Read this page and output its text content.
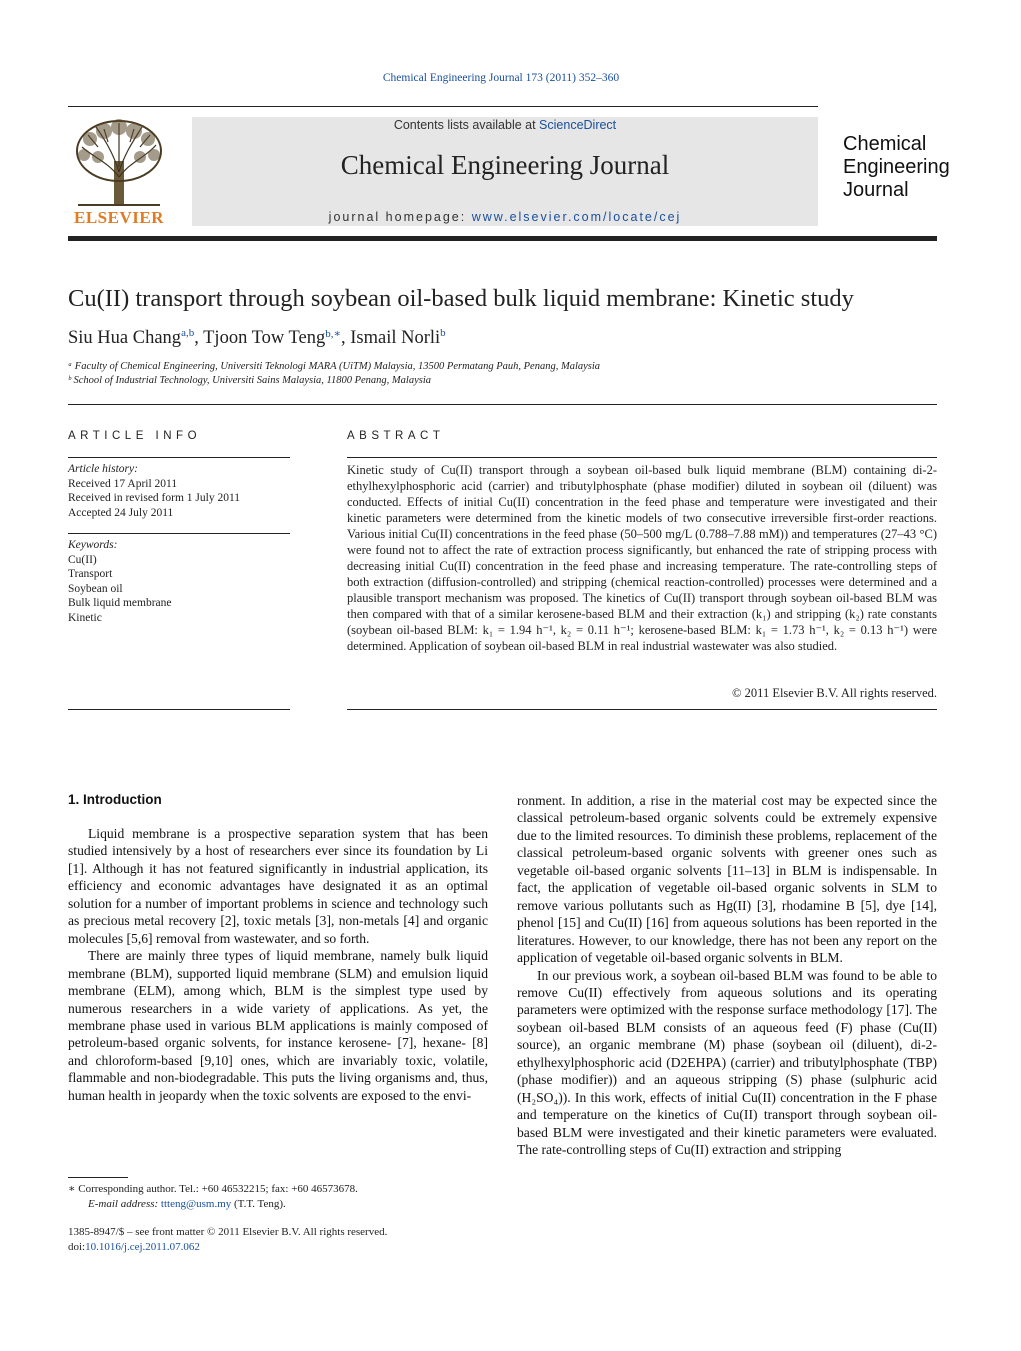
Chemical Engineering Journal 173 (2011) 352–360
ELSEVIER
Contents lists available at ScienceDirect
Chemical Engineering Journal
journal homepage: www.elsevier.com/locate/cej
Chemical
Engineering
Journal
Cu(II) transport through soybean oil-based bulk liquid membrane: Kinetic study
Siu Hua Chang$^{a,b}$, Tjoon Tow Teng$^{b,∗}$, Ismail Norli$^b$
ᵃ Faculty of Chemical Engineering, Universiti Teknologi MARA (UiTM) Malaysia, 13500 Permatang Pauh, Penang, Malaysia
ᵇ School of Industrial Technology, Universiti Sains Malaysia, 11800 Penang, Malaysia
ARTICLE INFO
Article history:
Received 17 April 2011
Received in revised form 1 July 2011
Accepted 24 July 2011
Keywords:
Cu(II)
Transport
Soybean oil
Bulk liquid membrane
Kinetic
ABSTRACT
Kinetic study of Cu(II) transport through a soybean oil-based bulk liquid membrane (BLM) containing di-2-ethylhexylphosphoric acid (carrier) and tributylphosphate (phase modifier) diluted in soybean oil (diluent) was conducted. Effects of initial Cu(II) concentration in the feed phase and temperature were investigated and their kinetic parameters were determined from the kinetic models of two consecutive irreversible first-order reactions. Various initial Cu(II) concentrations in the feed phase (50–500 mg/L (0.788–7.88 mM)) and temperatures (27–43 °C) were found not to affect the rate of extraction process significantly, but enhanced the rate of stripping process with decreasing initial Cu(II) concentration in the feed phase and increasing temperature. The rate-controlling steps of both extraction (diffusion-controlled) and stripping (chemical reaction-controlled) processes were determined and a plausible transport mechanism was proposed. The kinetics of Cu(II) transport through soybean oil-based BLM was then compared with that of a similar kerosene-based BLM and their extraction (k₁) and stripping (k₂) rate constants (soybean oil-based BLM: k₁ = 1.94 h⁻¹, k₂ = 0.11 h⁻¹; kerosene-based BLM: k₁ = 1.73 h⁻¹, k₂ = 0.13 h⁻¹) were determined. Application of soybean oil-based BLM in real industrial wastewater was also studied.
© 2011 Elsevier B.V. All rights reserved.
1. Introduction

Liquid membrane is a prospective separation system that has been studied intensively by a host of researchers ever since its foundation by Li [1]. Although it has not featured significantly in industrial application, its efficiency and economic advantages have designated it as an optimal solution for a number of important problems in science and technology such as precious metal recovery [2], toxic metals [3], non-metals [4] and organic molecules [5,6] removal from wastewater, and so forth.

There are mainly three types of liquid membrane, namely bulk liquid membrane (BLM), supported liquid membrane (SLM) and emulsion liquid membrane (ELM), among which, BLM is the simplest type used by numerous researchers in a wide variety of applications. As yet, the membrane phase used in various BLM applications is mainly composed of petroleum-based organic solvents, for instance kerosene- [7], hexane- [8] and chloroform-based [9,10] ones, which are invariably toxic, volatile, flammable and non-biodegradable. This puts the living organisms and, thus, human health in jeopardy when the toxic solvents are exposed to the envi-

ronment. In addition, a rise in the material cost may be expected since the classical petroleum-based organic solvents could be extremely expensive due to the limited resources. To diminish these problems, replacement of the classical petroleum-based organic solvents with greener ones such as vegetable oil-based organic solvents [11–13] in BLM is indispensable. In fact, the application of vegetable oil-based organic solvents in SLM to remove various pollutants such as Hg(II) [3], rhodamine B [5], dye [14], phenol [15] and Cu(II) [16] from aqueous solutions has been reported in the literatures. However, to our knowledge, there has not been any report on the application of vegetable oil-based organic solvents in BLM.

In our previous work, a soybean oil-based BLM was found to be able to remove Cu(II) effectively from aqueous solutions and its operating parameters were optimized with the response surface methodology [17]. The soybean oil-based BLM consists of an aqueous feed (F) phase (Cu(II) source), an organic membrane (M) phase (soybean oil (diluent), di-2-ethylhexylphosphoric acid (D2EHPA) (carrier) and tributylphosphate (TBP) (phase modifier)) and an aqueous stripping (S) phase (sulphuric acid (H₂SO₄)). In this work, effects of initial Cu(II) concentration in the F phase and temperature on the kinetics of Cu(II) transport through soybean oil-based BLM were investigated and their kinetic parameters were evaluated. The rate-controlling steps of Cu(II) extraction and stripping

∗ Corresponding author. Tel.: +60 46532215; fax: +60 46573678.
E-mail address: ttteng@usm.my (T.T. Teng).
1385-8947/$ – see front matter © 2011 Elsevier B.V. All rights reserved.
doi:10.1016/j.cej.2011.07.062
